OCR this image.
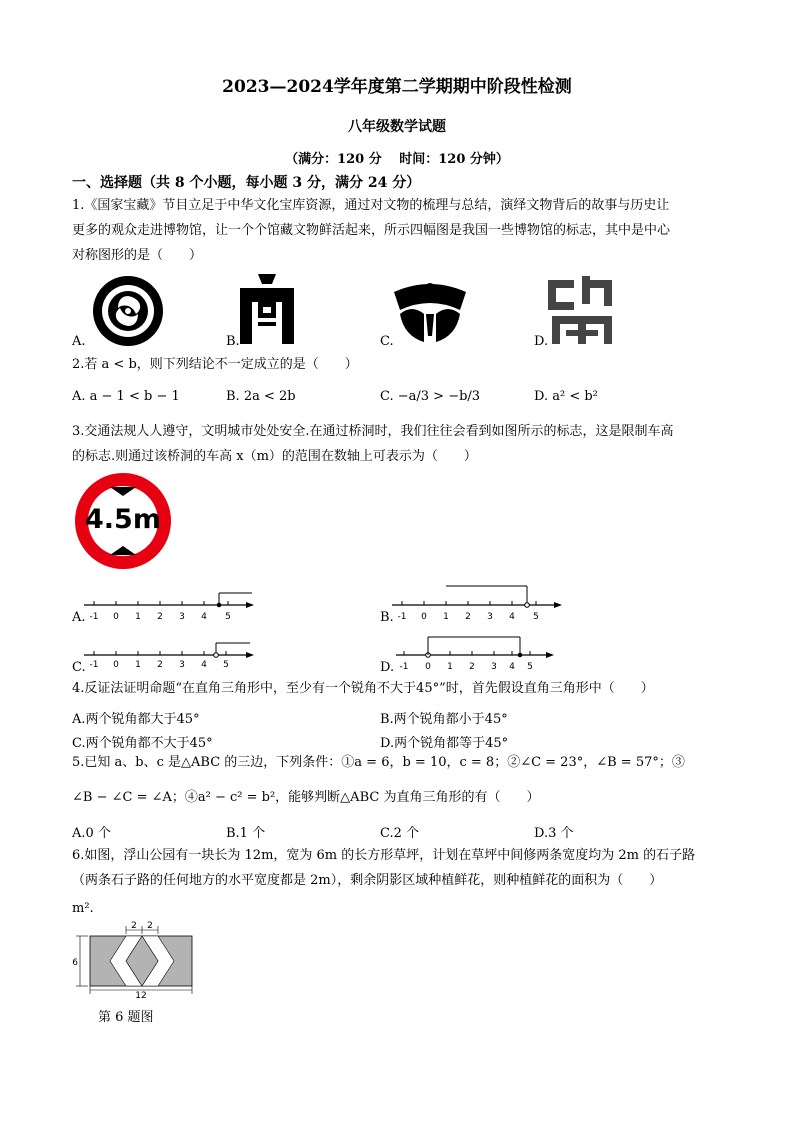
2023—2024学年度第二学期期中阶段性检测
八年级数学试题
（满分：120 分　 时间：120 分钟）
一、选择题（共 8 个小题，每小题 3 分，满分 24 分）
1.《国家宝藏》节目立足于中华文化宝库资源，通过对文物的梳理与总结，演绎文物背后的故事与历史让
更多的观众走进博物馆，让一个个馆藏文物鲜活起来，所示四幅图是我国一些博物馆的标志，其中是中心
对称图形的是（　　）
A.	B.	C.	D.
2.若 a < b，则下列结论不一定成立的是（　　）
A. a − 1 < b − 1	B. 2a < 2b	C. −a/3 > −b/3	D. a² < b²
3.交通法规人人遵守，文明城市处处安全.在通过桥洞时，我们往往会看到如图所示的标志，这是限制车高
的标志.则通过该桥洞的车高 x（m）的范围在数轴上可表示为（　　）
4.5m
A. -1 0 1 2 3 4 5	B. -1 0 1 2 3 4 5
C. -1 0 1 2 3 4 5	D. -1 0 1 2 3 4 5
4.反证法证明命题“在直角三角形中，至少有一个锐角不大于45°”时，首先假设直角三角形中（　　）
A.两个锐角都大于45°	B.两个锐角都小于45°
C.两个锐角都不大于45°	D.两个锐角都等于45°
5.已知 a、b、c 是△ABC 的三边，下列条件：①a = 6，b = 10，c = 8；②∠C = 23°，∠B = 57°；③
∠B − ∠C = ∠A；④a² − c² = b²，能够判断△ABC 为直角三角形的有（　　）
A.0 个	B.1 个	C.2 个	D.3 个
6.如图，浮山公园有一块长为 12m，宽为 6m 的长方形草坪，计划在草坪中间修两条宽度均为 2m 的石子路
（两条石子路的任何地方的水平宽度都是 2m），剩余阴影区域种植鲜花，则种植鲜花的面积为（　　）
m².
2 2
6
12
第 6 题图
